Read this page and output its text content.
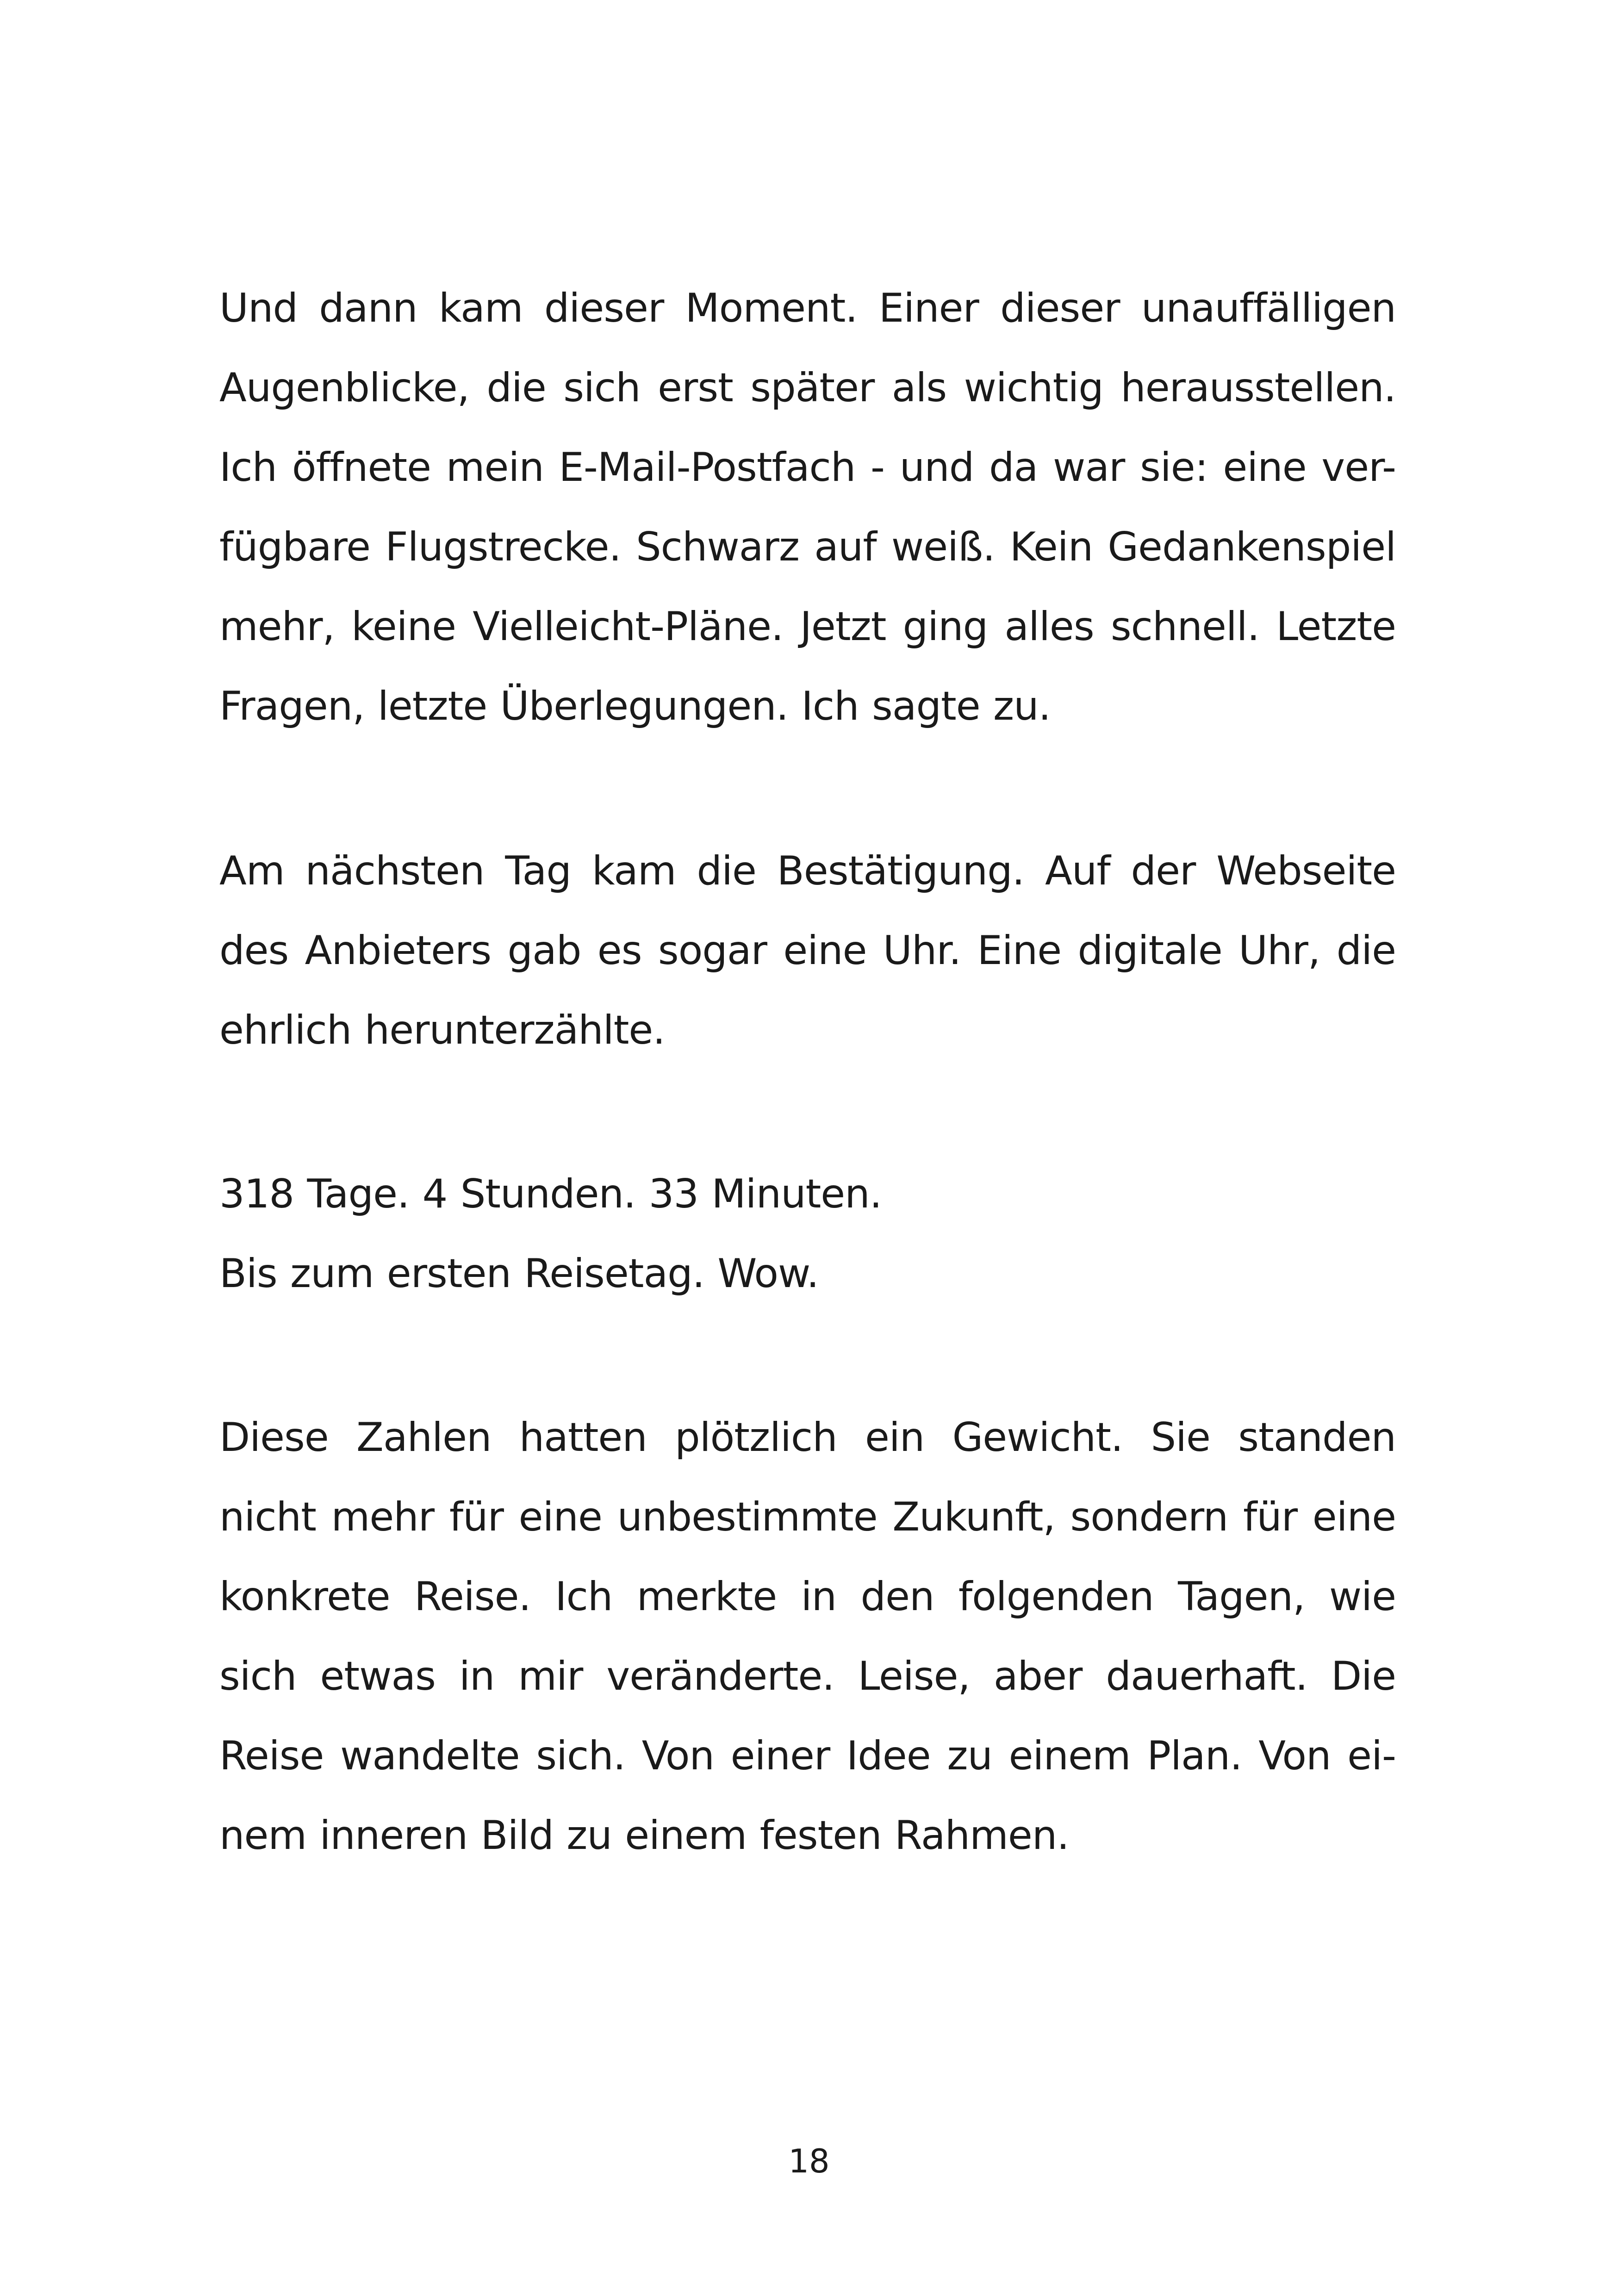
Und dann kam dieser Moment. Einer dieser unauffälligen
Augenblicke, die sich erst später als wichtig herausstellen.
Ich öffnete mein E-Mail-Postfach - und da war sie: eine ver-
fügbare Flugstrecke. Schwarz auf weiß. Kein Gedankenspiel
mehr, keine Vielleicht-Pläne. Jetzt ging alles schnell. Letzte
Fragen, letzte Überlegungen. Ich sagte zu.
Am nächsten Tag kam die Bestätigung. Auf der Webseite
des Anbieters gab es sogar eine Uhr. Eine digitale Uhr, die
ehrlich herunterzählte.
318 Tage. 4 Stunden. 33 Minuten.
Bis zum ersten Reisetag. Wow.
Diese Zahlen hatten plötzlich ein Gewicht. Sie standen
nicht mehr für eine unbestimmte Zukunft, sondern für eine
konkrete Reise. Ich merkte in den folgenden Tagen, wie
sich etwas in mir veränderte. Leise, aber dauerhaft. Die
Reise wandelte sich. Von einer Idee zu einem Plan. Von ei-
nem inneren Bild zu einem festen Rahmen.
18
